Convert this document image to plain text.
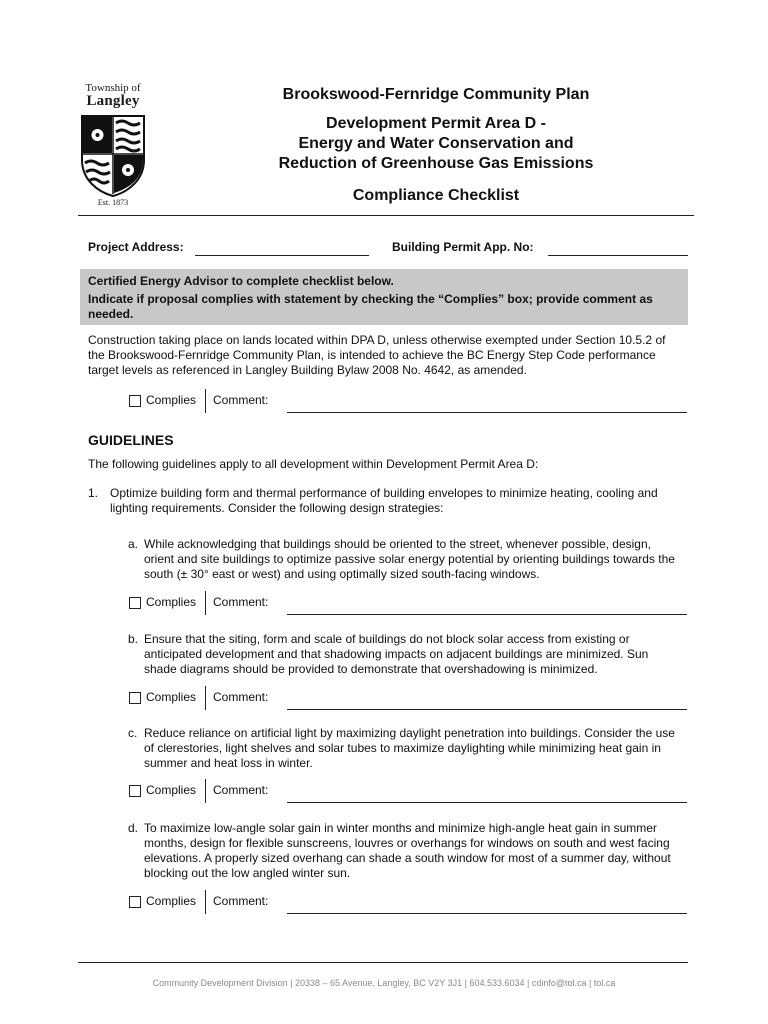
Township of
Langley
Est. 1873
Brookswood-Fernridge Community Plan
Development Permit Area D -
Energy and Water Conservation and
Reduction of Greenhouse Gas Emissions
Compliance Checklist
Project Address:	Building Permit App. No:
Certified Energy Advisor to complete checklist below.
Indicate if proposal complies with statement by checking the “Complies” box; provide comment as needed.
Construction taking place on lands located within DPA D, unless otherwise exempted under Section 10.5.2 of the Brookswood-Fernridge Community Plan, is intended to achieve the BC Energy Step Code performance target levels as referenced in Langley Building Bylaw 2008 No. 4642, as amended.
Complies Comment:
GUIDELINES
The following guidelines apply to all development within Development Permit Area D:
1. Optimize building form and thermal performance of building envelopes to minimize heating, cooling and lighting requirements. Consider the following design strategies:
a. While acknowledging that buildings should be oriented to the street, whenever possible, design, orient and site buildings to optimize passive solar energy potential by orienting buildings towards the south (± 30° east or west) and using optimally sized south-facing windows.
Complies Comment:
b. Ensure that the siting, form and scale of buildings do not block solar access from existing or anticipated development and that shadowing impacts on adjacent buildings are minimized. Sun shade diagrams should be provided to demonstrate that overshadowing is minimized.
Complies Comment:
c. Reduce reliance on artificial light by maximizing daylight penetration into buildings. Consider the use of clerestories, light shelves and solar tubes to maximize daylighting while minimizing heat gain in summer and heat loss in winter.
Complies Comment:
d. To maximize low-angle solar gain in winter months and minimize high-angle heat gain in summer months, design for flexible sunscreens, louvres or overhangs for windows on south and west facing elevations. A properly sized overhang can shade a south window for most of a summer day, without blocking out the low angled winter sun.
Complies Comment:
Community Development Division | 20338 – 65 Avenue, Langley, BC V2Y 3J1 | 604.533.6034 | cdinfo@tol.ca | tol.ca
